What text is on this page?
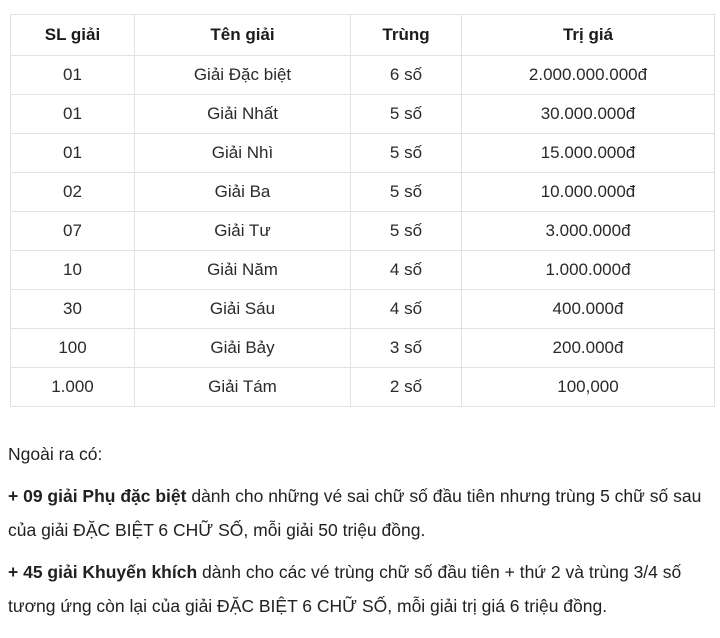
SL giải	Tên giải	Trùng	Trị giá
01	Giải Đặc biệt	6 số	2.000.000.000đ
01	Giải Nhất	5 số	30.000.000đ
01	Giải Nhì	5 số	15.000.000đ
02	Giải Ba	5 số	10.000.000đ
07	Giải Tư	5 số	3.000.000đ
10	Giải Năm	4 số	1.000.000đ
30	Giải Sáu	4 số	400.000đ
100	Giải Bảy	3 số	200.000đ
1.000	Giải Tám	2 số	100,000

Ngoài ra có:

+ 09 giải Phụ đặc biệt dành cho những vé sai chữ số đầu tiên nhưng trùng 5 chữ số sau của giải ĐẶC BIỆT 6 CHỮ SỐ, mỗi giải 50 triệu đồng.

+ 45 giải Khuyến khích dành cho các vé trùng chữ số đầu tiên + thứ 2 và trùng 3/4 số tương ứng còn lại của giải ĐẶC BIỆT 6 CHỮ SỐ, mỗi giải trị giá 6 triệu đồng.
